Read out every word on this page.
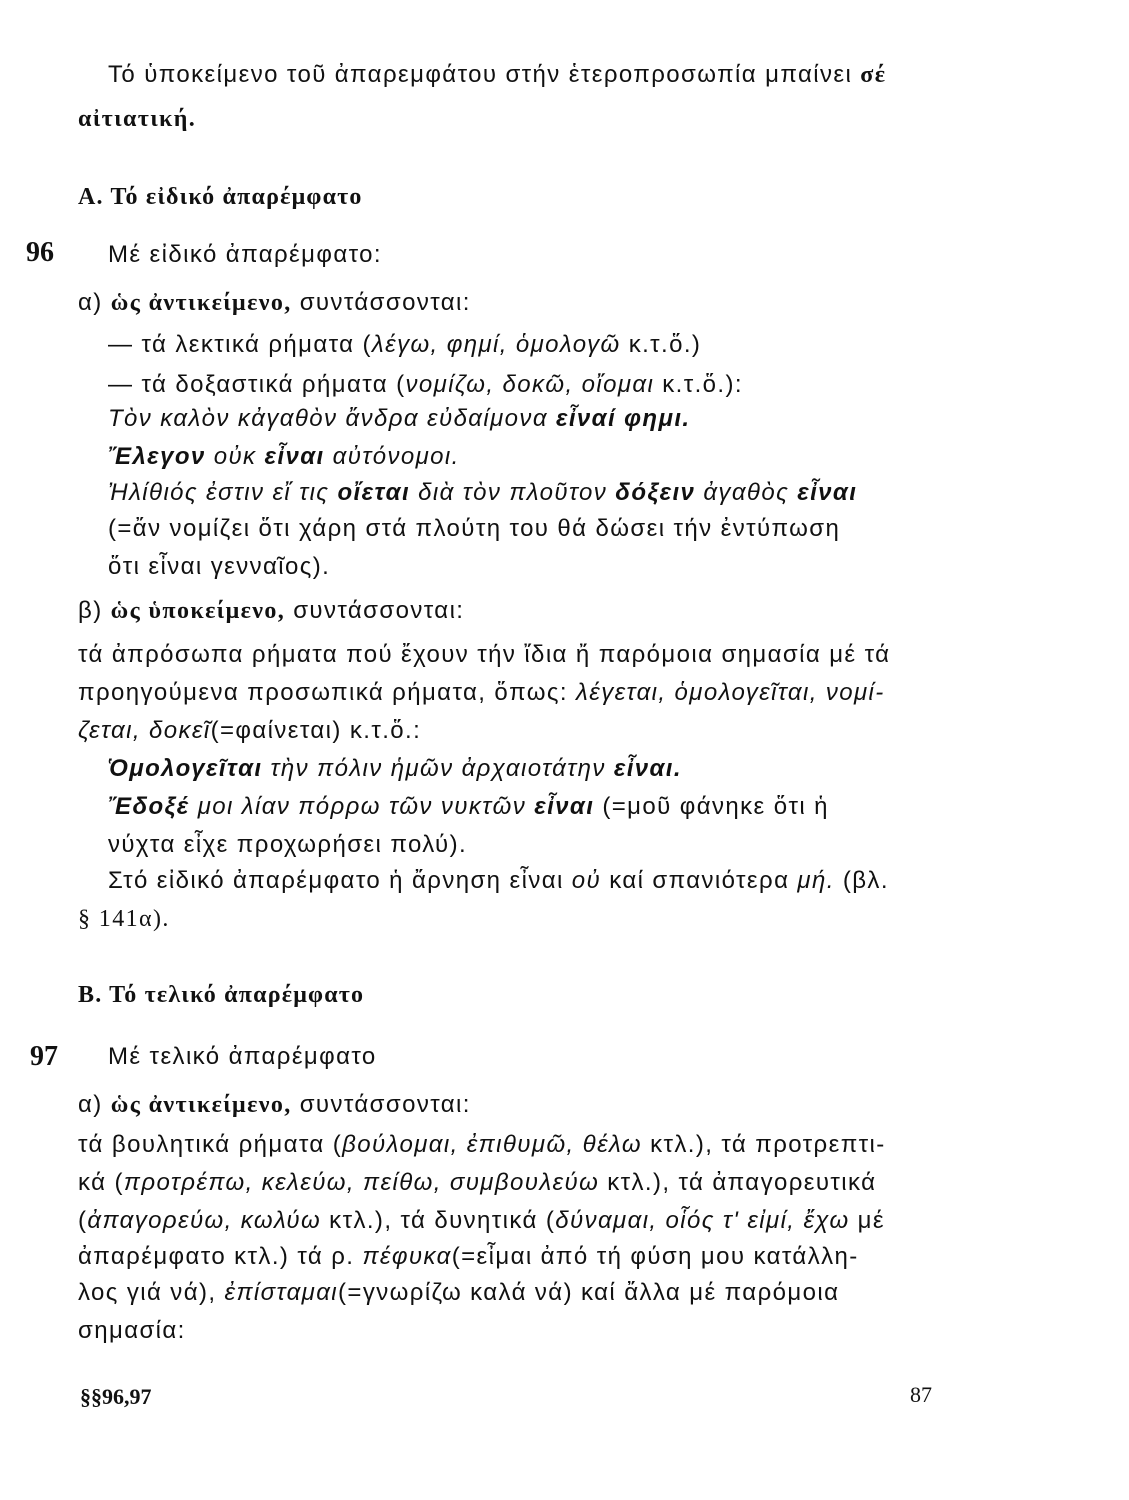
Τό ὑποκείμενο τοῦ ἀπαρεμφάτου στήν ἑτεροπροσωπία μπαίνει σέ
αἰτιατική.
Α. Τό εἰδικό ἀπαρέμφατο
96 Μέ εἰδικό ἀπαρέμφατο:
α) ὡς ἀντικείμενο, συντάσσονται:
— τά λεκτικά ρήματα (λέγω, φημί, ὁμολογῶ κ.τ.ὅ.)
— τά δοξαστικά ρήματα (νομίζω, δοκῶ, οἴομαι κ.τ.ὅ.):
Τὸν καλὸν κἀγαθὸν ἄνδρα εὐδαίμονα εἶναί φημι.
Ἔλεγον οὐκ εἶναι αὐτόνομοι.
Ἠλίθιός ἐστιν εἴ τις οἴεται διὰ τὸν πλοῦτον δόξειν ἀγαθὸς εἶναι
(=ἄν νομίζει ὅτι χάρη στά πλούτη του θά δώσει τήν ἐντύπωση
ὅτι εἶναι γενναῖος).
β) ὡς ὑποκείμενο, συντάσσονται:
τά ἀπρόσωπα ρήματα πού ἔχουν τήν ἴδια ἤ παρόμοια σημασία μέ τά
προηγούμενα προσωπικά ρήματα, ὅπως: λέγεται, ὁμολογεῖται, νομί-
ζεται, δοκεῖ(=φαίνεται) κ.τ.ὅ.:
Ὁμολογεῖται τὴν πόλιν ἡμῶν ἀρχαιοτάτην εἶναι.
Ἔδοξέ μοι λίαν πόρρω τῶν νυκτῶν εἶναι (=μοῦ φάνηκε ὅτι ἡ
νύχτα εἶχε προχωρήσει πολύ).
Στό εἰδικό ἀπαρέμφατο ἡ ἄρνηση εἶναι οὐ καί σπανιότερα μή. (βλ.
§ 141α).
Β. Τό τελικό ἀπαρέμφατο
97 Μέ τελικό ἀπαρέμφατο
α) ὡς ἀντικείμενο, συντάσσονται:
τά βουλητικά ρήματα (βούλομαι, ἐπιθυμῶ, θέλω κτλ.), τά προτρεπτι-
κά (προτρέπω, κελεύω, πείθω, συμβουλεύω κτλ.), τά ἀπαγορευτικά
(ἀπαγορεύω, κωλύω κτλ.), τά δυνητικά (δύναμαι, οἷός τ' εἰμί, ἔχω μέ
ἀπαρέμφατο κτλ.) τά ρ. πέφυκα(=εἶμαι ἀπό τή φύση μου κατάλλη-
λος γιά νά), ἐπίσταμαι(=γνωρίζω καλά νά) καί ἄλλα μέ παρόμοια
σημασία:
§§96,97	87
